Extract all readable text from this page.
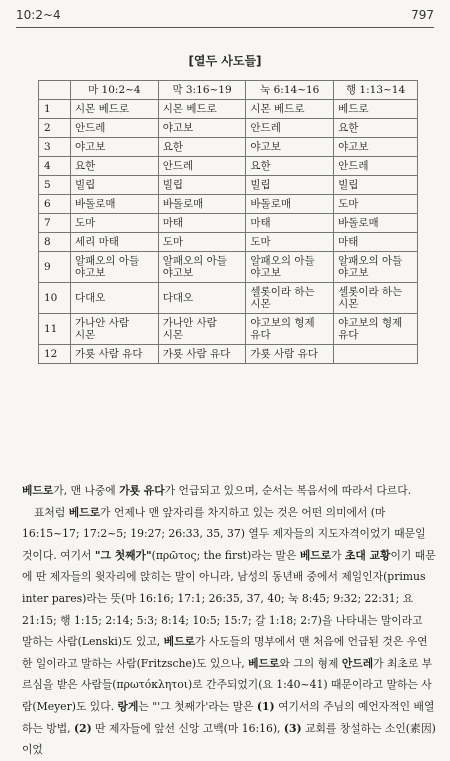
10:2~4	797
[열두 사도들]
	마 10:2~4	막 3:16~19	눅 6:14~16	행 1:13~14
1	시몬 베드로	시몬 베드로	시몬 베드로	베드로
2	안드레	야고보	안드레	요한
3	야고보	요한	야고보	야고보
4	요한	안드레	요한	안드레
5	빌립	빌립	빌립	빌립
6	바돌로매	바돌로매	바돌로매	도마
7	도마	마태	마태	바돌로매
8	세리 마태	도마	도마	마태
9	알패오의 아들
야고보	알패오의 아들
야고보	알패오의 아들
야고보	알패오의 아들
야고보
10	다대오	다대오	셀롯이라 하는
시몬	셀롯이라 하는
시몬
11	가나안 사람
시몬	가나안 사람
시몬	야고보의 형제
유다	야고보의 형제
유다
12	가룟 사람 유다	가룟 사람 유다	가룟 사람 유다	

베드로가, 맨 나중에 가룟 유다가 언급되고 있으며, 순서는 복음서에 따라서 다르다.

표처럼 베드로가 언제나 맨 앞자리를 차지하고 있는 것은 어떤 의미에서 (마 16:15~17; 17:2~5; 19:27; 26:33, 35, 37) 열두 제자들의 지도자격이었기 때문일 것이다. 여기서 "그 첫째가"(πρῶτος; the first)라는 말은 베드로가 초대 교황이기 때문에 딴 제자들의 윗자리에 앉히는 말이 아니라, 남성의 동년배 중에서 제일인자(primus inter pares)라는 뜻(마 16:16; 17:1; 26:35, 37, 40; 눅 8:45; 9:32; 22:31; 요 21:15; 행 1:15; 2:14; 5:3; 8:14; 10:5; 15:7; 갈 1:18; 2:7)을 나타내는 말이라고 말하는 사람(Lenski)도 있고, 베드로가 사도들의 명부에서 맨 처음에 언급된 것은 우연한 일이라고 말하는 사람(Fritzsche)도 있으나, 베드로와 그의 형제 안드레가 최초로 부르심을 받은 사람들(πρωτόκλητοι)로 간주되었기(요 1:40~41) 때문이라고 말하는 사람(Meyer)도 있다. 랑게는 "'그 첫째가'라는 말은 (1) 여기서의 주님의 예언자적인 배열하는 방법, (2) 딴 제자들에 앞선 신앙 고백(마 16:16), (3) 교회를 창설하는 소인(素因)이었
